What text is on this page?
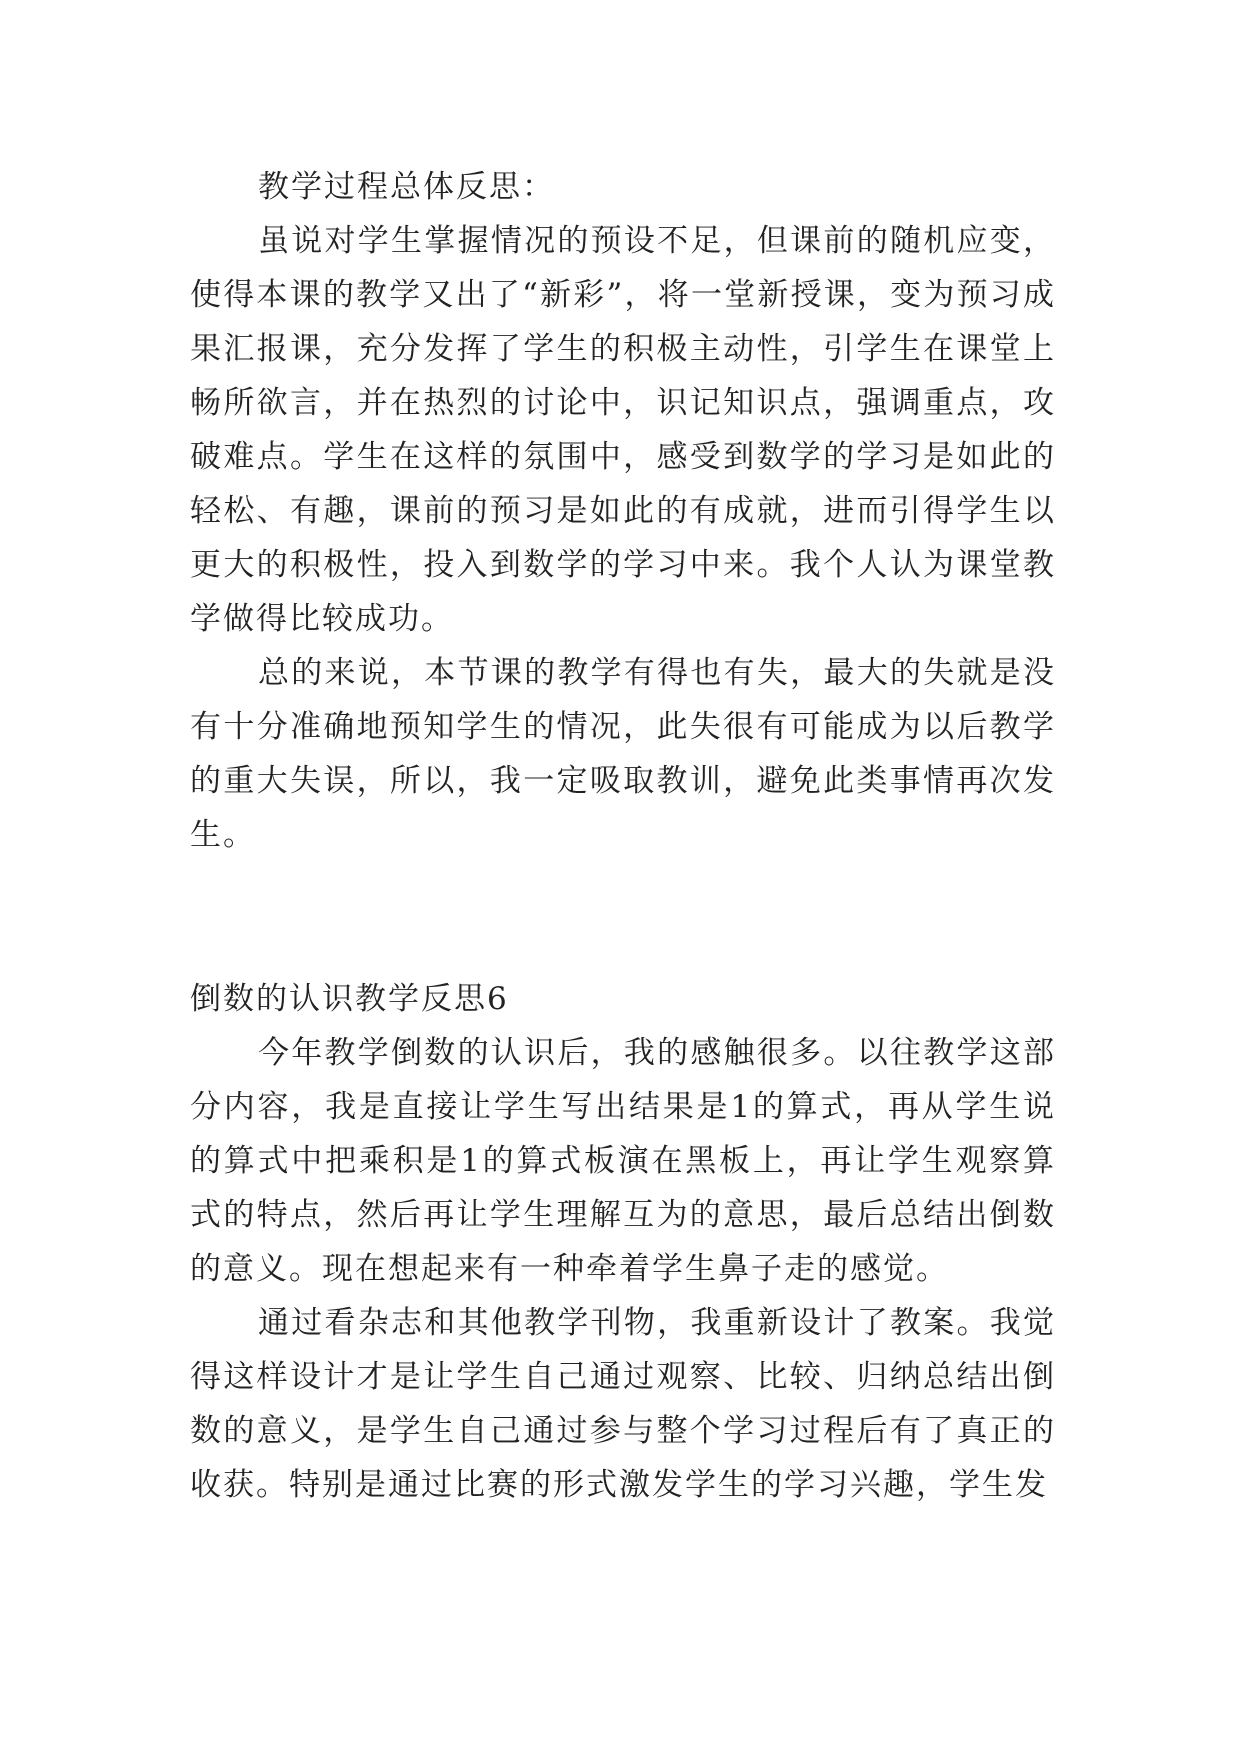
教学过程总体反思：

虽说对学生掌握情况的预设不足，但课前的随机应变，使得本课的教学又出了“新彩”，将一堂新授课，变为预习成果汇报课，充分发挥了学生的积极主动性，引学生在课堂上畅所欲言，并在热烈的讨论中，识记知识点，强调重点，攻破难点。学生在这样的氛围中，感受到数学的学习是如此的轻松、有趣，课前的预习是如此的有成就，进而引得学生以更大的积极性，投入到数学的学习中来。我个人认为课堂教学做得比较成功。

总的来说，本节课的教学有得也有失，最大的失就是没有十分准确地预知学生的情况，此失很有可能成为以后教学的重大失误，所以，我一定吸取教训，避免此类事情再次发生。

倒数的认识教学反思6

今年教学倒数的认识后，我的感触很多。以往教学这部分内容，我是直接让学生写出结果是1的算式，再从学生说的算式中把乘积是1的算式板演在黑板上，再让学生观察算式的特点，然后再让学生理解互为的意思，最后总结出倒数的意义。现在想起来有一种牵着学生鼻子走的感觉。

通过看杂志和其他教学刊物，我重新设计了教案。我觉得这样设计才是让学生自己通过观察、比较、归纳总结出倒数的意义，是学生自己通过参与整个学习过程后有了真正的收获。特别是通过比赛的形式激发学生的学习兴趣，学生发
